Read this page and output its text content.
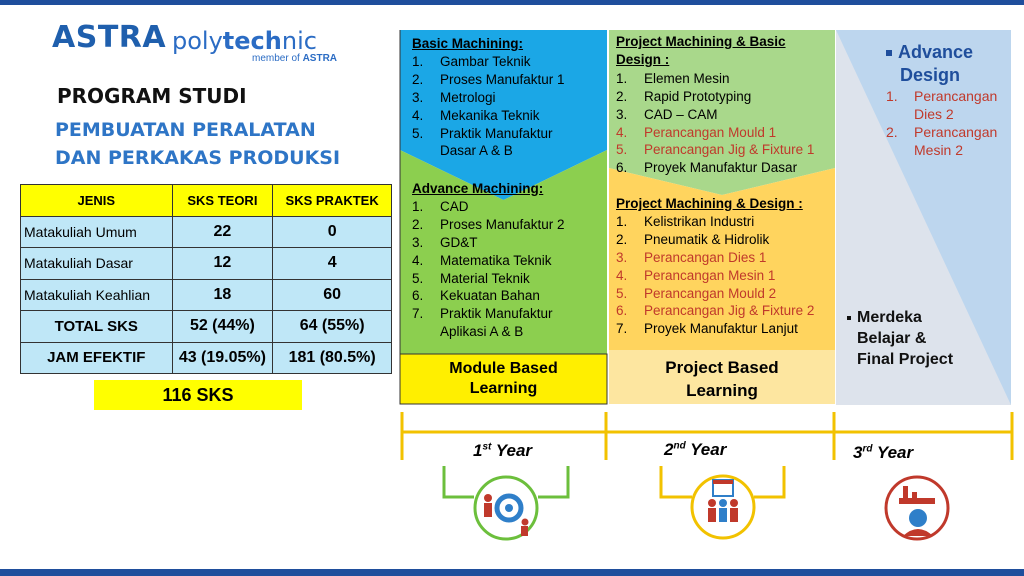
ASTRA polytechnic
member of ASTRA
PROGRAM STUDI
PEMBUATAN PERALATAN
DAN PERKAKAS PRODUKSI
JENIS	SKS TEORI	SKS PRAKTEK
Matakuliah Umum	22	0
Matakuliah Dasar	12	4
Matakuliah Keahlian	18	60
TOTAL SKS	52 (44%)	64 (55%)
JAM EFEKTIF	43 (19.05%)	181 (80.5%)
116 SKS
Basic Machining:
1. Gambar Teknik
2. Proses Manufaktur 1
3. Metrologi
4. Mekanika Teknik
5. Praktik Manufaktur
Dasar A & B
Advance Machining:
1. CAD
2. Proses Manufaktur 2
3. GD&T
4. Matematika Teknik
5. Material Teknik
6. Kekuatan Bahan
7. Praktik Manufaktur
Aplikasi A & B
Module Based
Learning
Project Machining & Basic
Design :
1. Elemen Mesin
2. Rapid Prototyping
3. CAD – CAM
4. Perancangan Mould 1
5. Perancangan Jig & Fixture 1
6. Proyek Manufaktur Dasar
Project Machining & Design :
1. Kelistrikan Industri
2. Pneumatik & Hidrolik
3. Perancangan Dies 1
4. Perancangan Mesin 1
5. Perancangan Mould 2
6. Perancangan Jig & Fixture 2
7. Proyek Manufaktur Lanjut
Project Based
Learning
Advance
Design
1. Perancangan
Dies 2
2. Perancangan
Mesin 2
Merdeka
Belajar &
Final Project
1st Year	2nd Year	3rd Year
